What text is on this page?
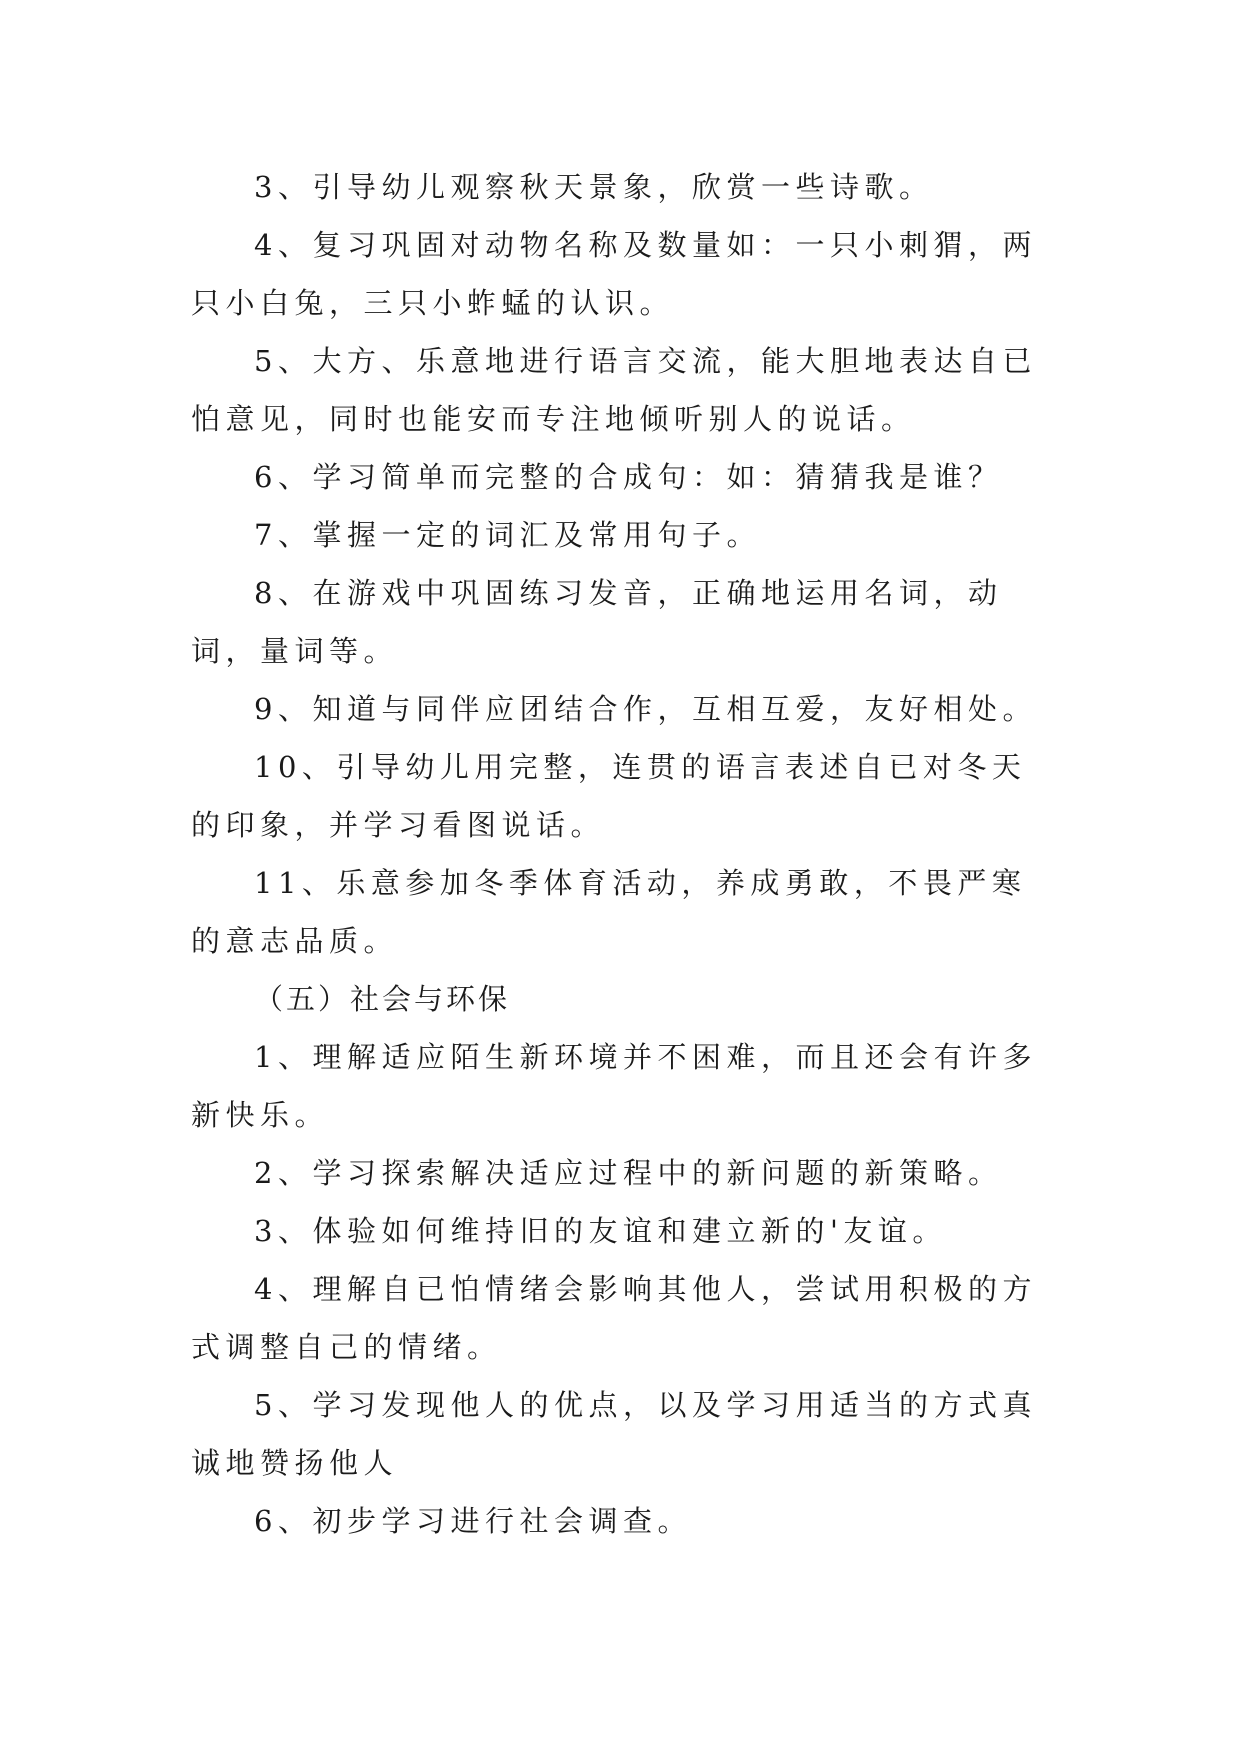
3、引导幼儿观察秋天景象，欣赏一些诗歌。

4、复习巩固对动物名称及数量如：一只小刺猬，两只小白兔，三只小蚱蜢的认识。

5、大方、乐意地进行语言交流，能大胆地表达自已怕意见，同时也能安而专注地倾听别人的说话。

6、学习简单而完整的合成句：如：猜猜我是谁？

7、掌握一定的词汇及常用句子。

8、在游戏中巩固练习发音，正确地运用名词，动词，量词等。

9、知道与同伴应团结合作，互相互爱，友好相处。

10、引导幼儿用完整，连贯的语言表述自已对冬天的印象，并学习看图说话。

11、乐意参加冬季体育活动，养成勇敢，不畏严寒的意志品质。

（五）社会与环保

1、理解适应陌生新环境并不困难，而且还会有许多新快乐。

2、学习探索解决适应过程中的新问题的新策略。

3、体验如何维持旧的友谊和建立新的'友谊。

4、理解自已怕情绪会影响其他人，尝试用积极的方式调整自己的情绪。

5、学习发现他人的优点，以及学习用适当的方式真诚地赞扬他人

6、初步学习进行社会调查。
